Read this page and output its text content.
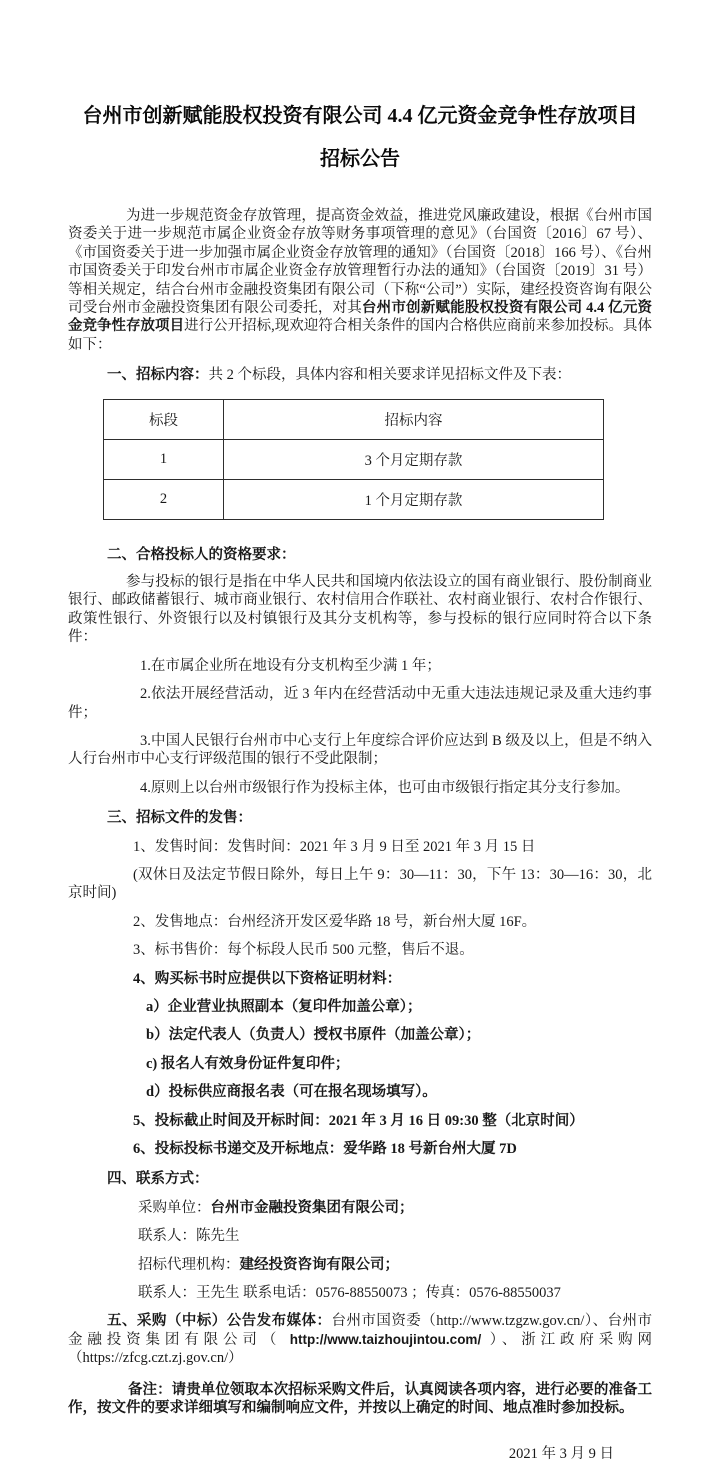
台州市创新赋能股权投资有限公司 4.4 亿元资金竞争性存放项目招标公告

为进一步规范资金存放管理，提高资金效益，推进党风廉政建设，根据《台州市国资委关于进一步规范市属企业资金存放等财务事项管理的意见》（台国资〔2016〕67 号）、《市国资委关于进一步加强市属企业资金存放管理的通知》（台国资〔2018〕166 号）、《台州市国资委关于印发台州市市属企业资金存放管理暂行办法的通知》（台国资〔2019〕31 号）等相关规定，结合台州市金融投资集团有限公司（下称“公司”）实际，建经投资咨询有限公司受台州市金融投资集团有限公司委托，对其台州市创新赋能股权投资有限公司 4.4 亿元资金竞争性存放项目进行公开招标,现欢迎符合相关条件的国内合格供应商前来参加投标。具体如下：

一、招标内容：共 2 个标段，具体内容和相关要求详见招标文件及下表：

标段	招标内容
1	3 个月定期存款
2	1 个月定期存款

二、合格投标人的资格要求：

参与投标的银行是指在中华人民共和国境内依法设立的国有商业银行、股份制商业银行、邮政储蓄银行、城市商业银行、农村信用合作联社、农村商业银行、农村合作银行、政策性银行、外资银行以及村镇银行及其分支机构等，参与投标的银行应同时符合以下条件：

1.在市属企业所在地设有分支机构至少满 1 年；

2.依法开展经营活动，近 3 年内在经营活动中无重大违法违规记录及重大违约事件；

3.中国人民银行台州市中心支行上年度综合评价应达到 B 级及以上，但是不纳入人行台州市中心支行评级范围的银行不受此限制；

4.原则上以台州市级银行作为投标主体，也可由市级银行指定其分支行参加。

三、招标文件的发售：

1、发售时间：发售时间：2021 年 3 月 9 日至 2021 年 3 月 15 日

(双休日及法定节假日除外，每日上午 9：30—11：30，下午 13：30—16：30，北京时间)

2、发售地点：台州经济开发区爱华路 18 号，新台州大厦 16F。

3、标书售价：每个标段人民币 500 元整，售后不退。

4、购买标书时应提供以下资格证明材料：

a）企业营业执照副本（复印件加盖公章）；

b）法定代表人（负责人）授权书原件（加盖公章）；

c) 报名人有效身份证件复印件；

d）投标供应商报名表（可在报名现场填写）。

5、投标截止时间及开标时间：2021 年 3 月 16 日 09:30 整（北京时间）

6、投标投标书递交及开标地点：爱华路 18 号新台州大厦 7D

四、联系方式：

采购单位：台州市金融投资集团有限公司；

联系人：陈先生

招标代理机构：建经投资咨询有限公司；

联系人：王先生 联系电话：0576-88550073 ；传真：0576-88550037

五、采购（中标）公告发布媒体：台州市国资委（http://www.tzgzw.gov.cn/）、台州市金融投资集团有限公司（ http://www.taizhoujintou.com/ ）、浙江政府采购网（https://zfcg.czt.zj.gov.cn/）

备注：请贵单位领取本次招标采购文件后，认真阅读各项内容，进行必要的准备工作，按文件的要求详细填写和编制响应文件，并按以上确定的时间、地点准时参加投标。

2021 年 3 月 9 日
